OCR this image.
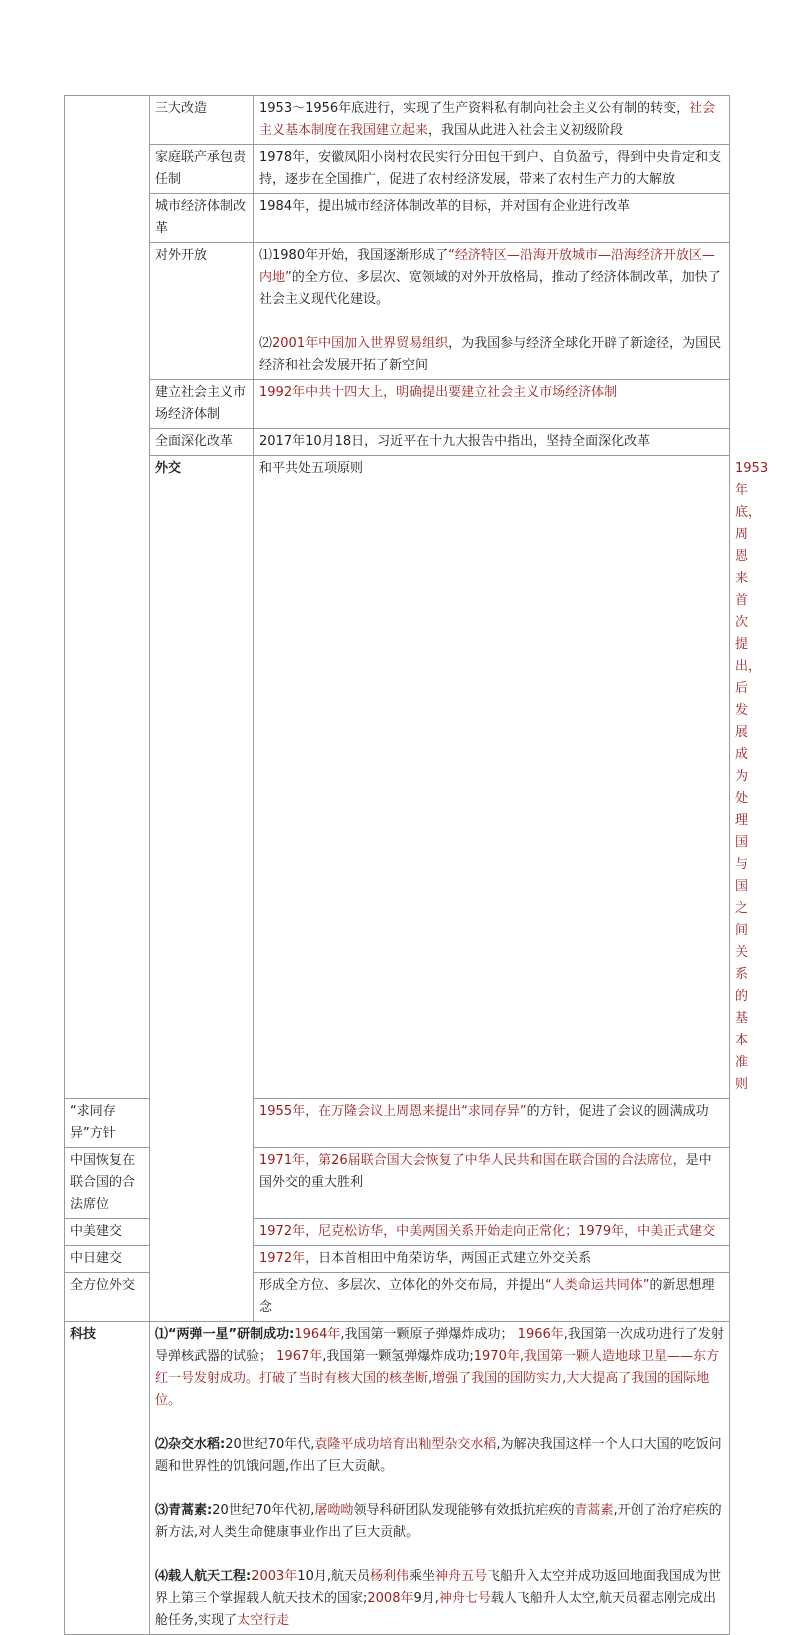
	三大改造	1953～1956年底进行，实现了生产资料私有制向社会主义公有制的转变，社会主义基本制度在我国建立起来，我国从此进入社会主义初级阶段	
	家庭联产承包责任制	1978年，安徽凤阳小岗村农民实行分田包干到户、自负盈亏，得到中央肯定和支持，逐步在全国推广，促进了农村经济发展，带来了农村生产力的大解放	
	城市经济体制改革	1984年，提出城市经济体制改革的目标，并对国有企业进行改革	
	对外开放	⑴1980年开始，我国逐渐形成了“经济特区—沿海开放城市—沿海经济开放区—内地”的全方位、多层次、宽领域的对外开放格局，推动了经济体制改革，加快了社会主义现代化建设。

⑵2001年中国加入世界贸易组织，为我国参与经济全球化开辟了新途径，为国民经济和社会发展开拓了新空间	

	建立社会主义市场经济体制	1992年中共十四大上，明确提出要建立社会主义市场经济体制	
	全面深化改革	2017年10月18日，习近平在十九大报告中指出，坚持全面深化改革	
	外交	和平共处五项原则	1953年底，周恩来首次提出，后发展成为处理国与国之间关系的基本准则
“求同存异”方针		1955年，在万隆会议上周恩来提出“求同存异”的方针，促进了会议的圆满成功	
中国恢复在联合国的合法席位		1971年，第26届联合国大会恢复了中华人民共和国在联合国的合法席位，是中国外交的重大胜利	
中美建交		1972年，尼克松访华，中美两国关系开始走向正常化；1979年，中美正式建交	
中日建交		1972年，日本首相田中角荣访华，两国正式建立外交关系	
全方位外交		形成全方位、多层次、立体化的外交布局，并提出“人类命运共同体”的新思想理念	
科技	⑴“两弹一星”研制成功:1964年,我国第一颗原子弹爆炸成功； 1966年,我国第一次成功进行了发射导弹核武器的试验； 1967年,我国第一颗氢弹爆炸成功;1970年,我国第一颗人造地球卫星——东方红一号发射成功。打破了当时有核大国的核垄断,增强了我国的国防实力,大大提高了我国的国际地位。

⑵杂交水稻:20世纪70年代,袁隆平成功培育出籼型杂交水稻,为解决我国这样一个人口大国的吃饭问题和世界性的饥饿问题,作出了巨大贡献。

⑶青蒿素:20世纪70年代初,屠呦呦领导科研团队发现能够有效抵抗疟疾的青蒿素,开创了治疗疟疾的新方法,对人类生命健康事业作出了巨大贡献。

⑷载人航天工程:2003年10月,航天员杨利伟乘坐神舟五号飞船升入太空并成功返回地面我国成为世界上第三个掌握载人航天技术的国家;2008年9月,神舟七号载人飞船升人太空,航天员翟志刚完成出舱任务,实现了太空行走		
